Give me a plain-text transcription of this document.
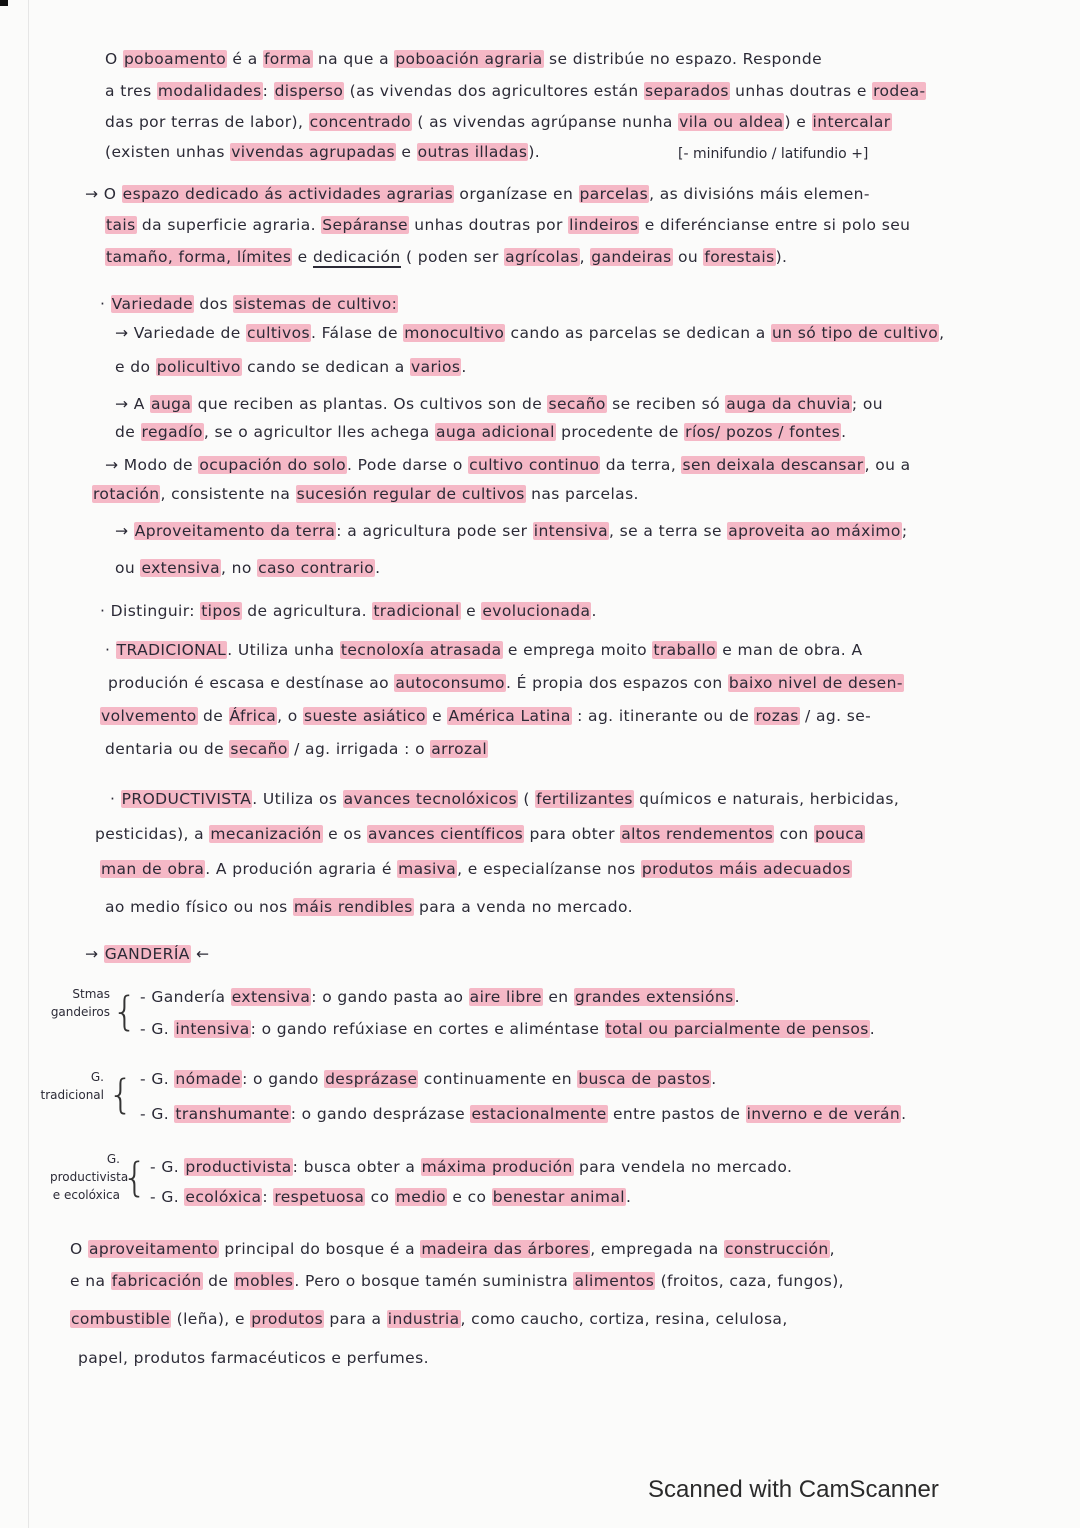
O poboamento é a forma na que a poboación agraria se distribúe no espazo. Responde
a tres modalidades: disperso (as vivendas dos agricultores están separados unhas doutras e rodea-
das por terras de labor), concentrado ( as vivendas agrúpanse nunha vila ou aldea) e intercalar
(existen unhas vivendas agrupadas e outras illadas).
→ O espazo dedicado ás actividades agrarias organízase en parcelas, as divisións máis elemen-
tais da superficie agraria. Sepáranse unhas doutras por lindeiros e diferéncianse entre si polo seu
tamaño, forma, límites e dedicación ( poden ser agrícolas, gandeiras ou forestais).
· Variedade dos sistemas de cultivo:
→ Variedade de cultivos. Fálase de monocultivo cando as parcelas se dedican a un só tipo de cultivo,
e do policultivo cando se dedican a varios.
→ A auga que reciben as plantas. Os cultivos son de secaño se reciben só auga da chuvia; ou
de regadío, se o agricultor lles achega auga adicional procedente de ríos/ pozos / fontes.
→ Modo de ocupación do solo. Pode darse o cultivo continuo da terra, sen deixala descansar, ou a
rotación, consistente na sucesión regular de cultivos nas parcelas.
→ Aproveitamento da terra: a agricultura pode ser intensiva, se a terra se aproveita ao máximo;
ou extensiva, no caso contrario.
· Distinguir: tipos de agricultura. tradicional e evolucionada.
· TRADICIONAL. Utiliza unha tecnoloxía atrasada e emprega moito traballo e man de obra. A
produción é escasa e destínase ao autoconsumo. É propia dos espazos con baixo nivel de desen-
volvemento de África, o sueste asiático e América Latina : ag. itinerante ou de rozas / ag. se-
dentaria ou de secaño / ag. irrigada : o arrozal
· PRODUCTIVISTA. Utiliza os avances tecnolóxicos ( fertilizantes químicos e naturais, herbicidas,
pesticidas), a mecanización e os avances científicos para obter altos rendementos con pouca
man de obra. A produción agraria é masiva, e especialízanse nos produtos máis adecuados
ao medio físico ou nos máis rendibles para a venda no mercado.
→ GANDERÍA ←
- Gandería extensiva: o gando pasta ao aire libre en grandes extensións.
- G. intensiva: o gando refúxiase en cortes e aliméntase total ou parcialmente de pensos.
- G. nómade: o gando desprázase continuamente en busca de pastos.
- G. transhumante: o gando desprázase estacionalmente entre pastos de inverno e de verán.
- G. productivista: busca obter a máxima produción para vendela no mercado.
- G. ecolóxica: respetuosa co medio e co benestar animal.
O aproveitamento principal do bosque é a madeira das árbores, empregada na construcción,
e na fabricación de mobles. Pero o bosque tamén suministra alimentos (froitos, caza, fungos),
combustible (leña), e produtos para a industria, como caucho, cortiza, resina, celulosa,
papel, produtos farmacéuticos e perfumes.
[- minifundio / latifundio +]
Stmas gandeiros {
G. tradicional {
G. productivista e ecolóxica {
Scanned with CamScanner
